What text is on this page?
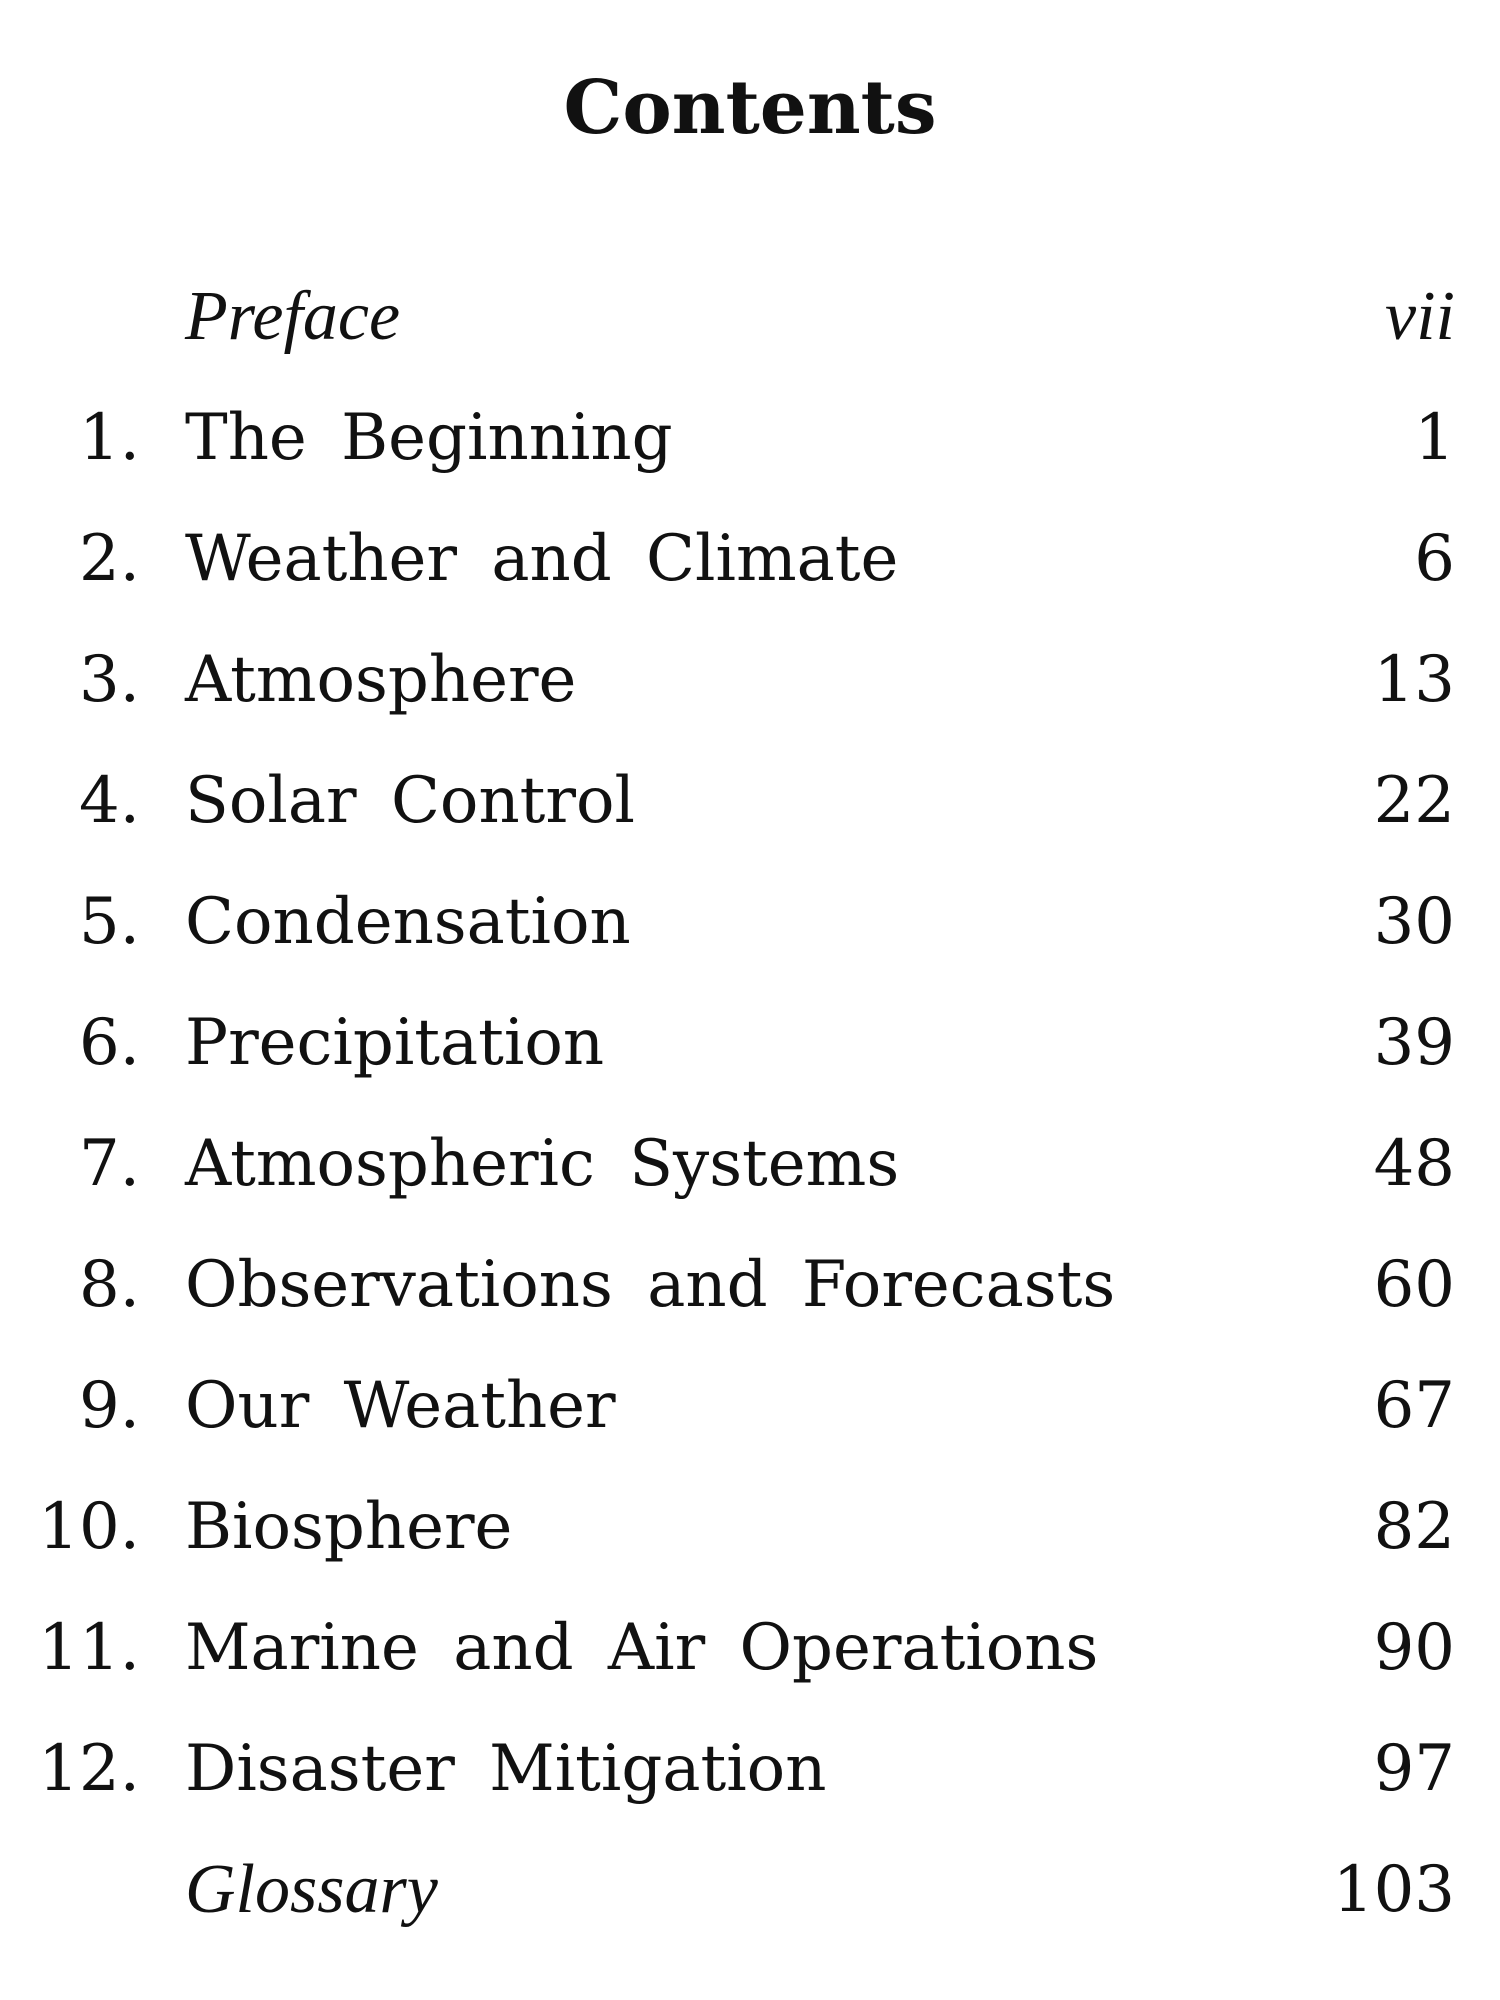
Contents
Preface	vii
1. The Beginning	1
2. Weather and Climate	6
3. Atmosphere	13
4. Solar Control	22
5. Condensation	30
6. Precipitation	39
7. Atmospheric Systems	48
8. Observations and Forecasts	60
9. Our Weather	67
10. Biosphere	82
11. Marine and Air Operations	90
12. Disaster Mitigation	97
Glossary	103
